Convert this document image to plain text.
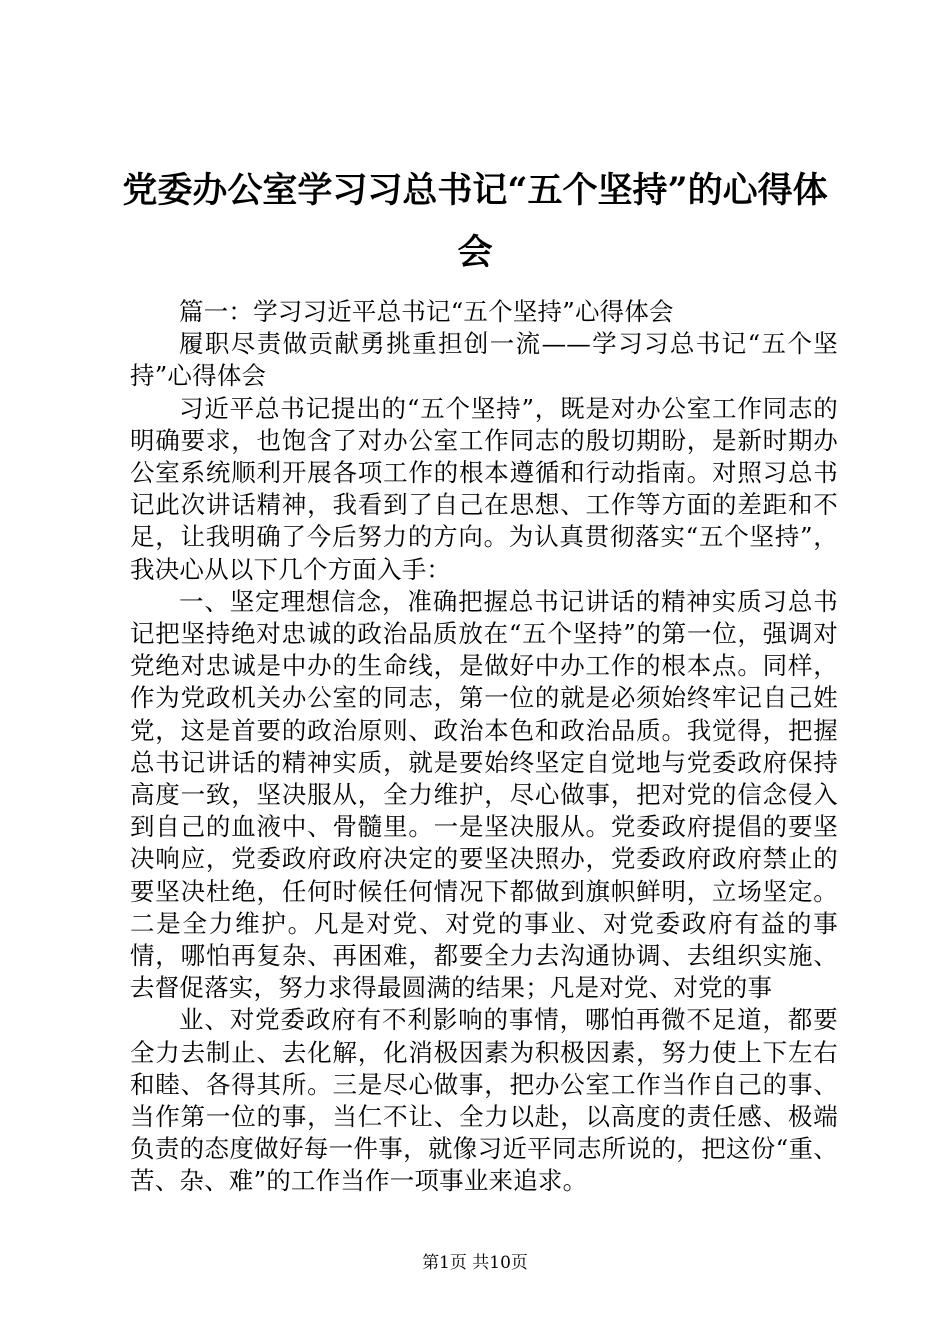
党委办公室学习习总书记“五个坚持”的心得体会

篇一：学习习近平总书记“五个坚持”心得体会

履职尽责做贡献勇挑重担创一流——学习习总书记“五个坚持”心得体会

习近平总书记提出的“五个坚持”，既是对办公室工作同志的明确要求，也饱含了对办公室工作同志的殷切期盼，是新时期办公室系统顺利开展各项工作的根本遵循和行动指南。对照习总书记此次讲话精神，我看到了自己在思想、工作等方面的差距和不足，让我明确了今后努力的方向。为认真贯彻落实“五个坚持”，我决心从以下几个方面入手：

一、坚定理想信念，准确把握总书记讲话的精神实质习总书记把坚持绝对忠诚的政治品质放在“五个坚持”的第一位，强调对党绝对忠诚是中办的生命线，是做好中办工作的根本点。同样，作为党政机关办公室的同志，第一位的就是必须始终牢记自己姓党，这是首要的政治原则、政治本色和政治品质。我觉得，把握总书记讲话的精神实质，就是要始终坚定自觉地与党委政府保持高度一致，坚决服从，全力维护，尽心做事，把对党的信念侵入到自己的血液中、骨髓里。一是坚决服从。党委政府提倡的要坚决响应，党委政府政府决定的要坚决照办，党委政府政府禁止的要坚决杜绝，任何时候任何情况下都做到旗帜鲜明，立场坚定。二是全力维护。凡是对党、对党的事业、对党委政府有益的事情，哪怕再复杂、再困难，都要全力去沟通协调、去组织实施、去督促落实，努力求得最圆满的结果；凡是对党、对党的事

业、对党委政府有不利影响的事情，哪怕再微不足道，都要全力去制止、去化解，化消极因素为积极因素，努力使上下左右和睦、各得其所。三是尽心做事，把办公室工作当作自己的事、当作第一位的事，当仁不让、全力以赴，以高度的责任感、极端负责的态度做好每一件事，就像习近平同志所说的，把这份“重、苦、杂、难”的工作当作一项事业来追求。

第1页 共10页
